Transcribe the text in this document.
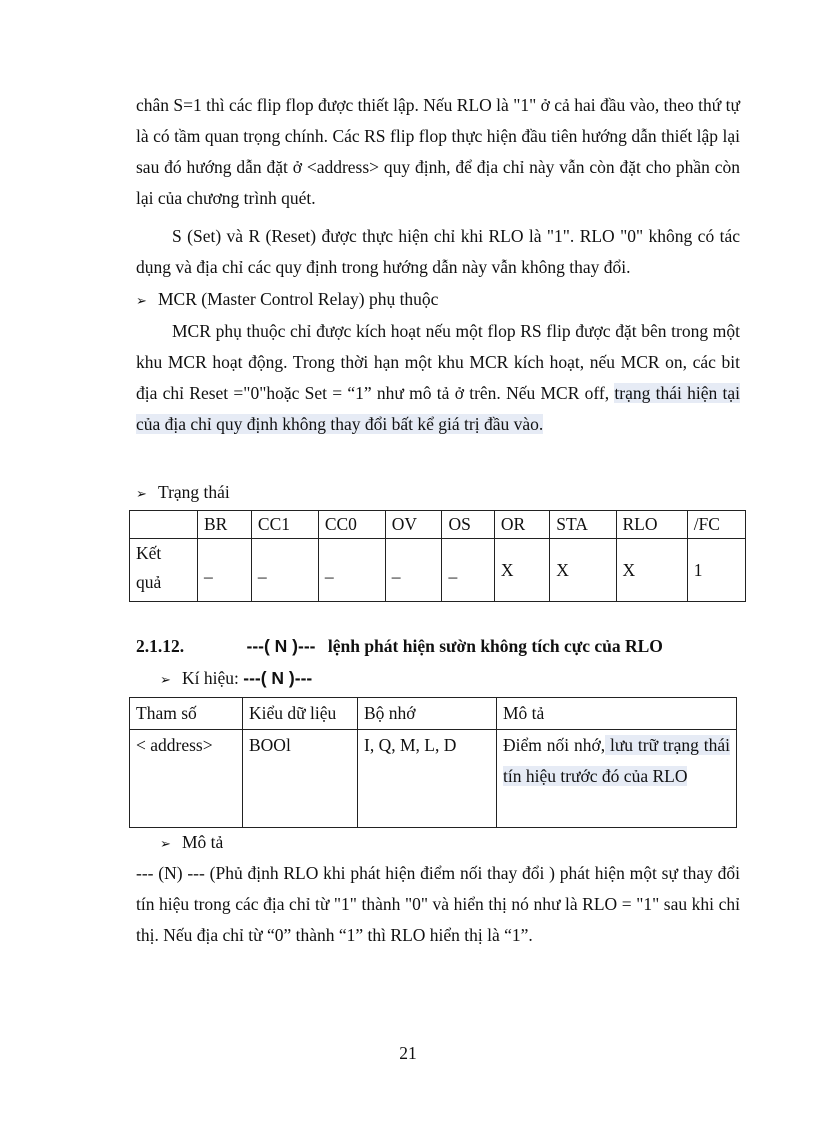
chân S=1 thì các flip flop được thiết lập. Nếu RLO là "1" ở cả hai đầu vào, theo thứ tự là có tầm quan trọng chính. Các RS flip flop thực hiện đầu tiên hướng dẫn thiết lập lại sau đó hướng dẫn đặt ở <address> quy định, để địa chỉ này vẫn còn đặt cho phần còn lại của chương trình quét.

S (Set) và R (Reset) được thực hiện chỉ khi RLO là "1". RLO "0" không có tác dụng và địa chỉ các quy định trong hướng dẫn này vẫn không thay đổi.

➢ MCR (Master Control Relay) phụ thuộc

MCR phụ thuộc chỉ được kích hoạt nếu một flop RS flip được đặt bên trong một khu MCR hoạt động. Trong thời hạn một khu MCR kích hoạt, nếu MCR on, các bit địa chỉ Reset ="0"hoặc Set = “1” như mô tả ở trên. Nếu MCR off, trạng thái hiện tại của địa chỉ quy định không thay đổi bất kể giá trị đầu vào.

➢ Trạng thái
	BR	CC1	CC0	OV	OS	OR	STA	RLO	/FC
Kết
quả	_	_	_	_	_	X	X	X	1
2.1.12.	---( N )--- lệnh phát hiện sườn không tích cực của RLO
➢ Kí hiệu: ---( N )---
Tham số	Kiểu dữ liệu	Bộ nhớ	Mô tả
< address>	BOOl	I, Q, M, L, D	Điểm nối nhớ, lưu trữ trạng thái tín hiệu trước đó của RLO
➢ Mô tả

--- (N) --- (Phủ định RLO khi phát hiện điểm nối thay đổi ) phát hiện một sự thay đổi tín hiệu trong các địa chỉ từ "1" thành "0" và hiển thị nó như là RLO = "1" sau khi chỉ thị. Nếu địa chỉ từ “0” thành “1” thì RLO hiển thị là “1”.

21
